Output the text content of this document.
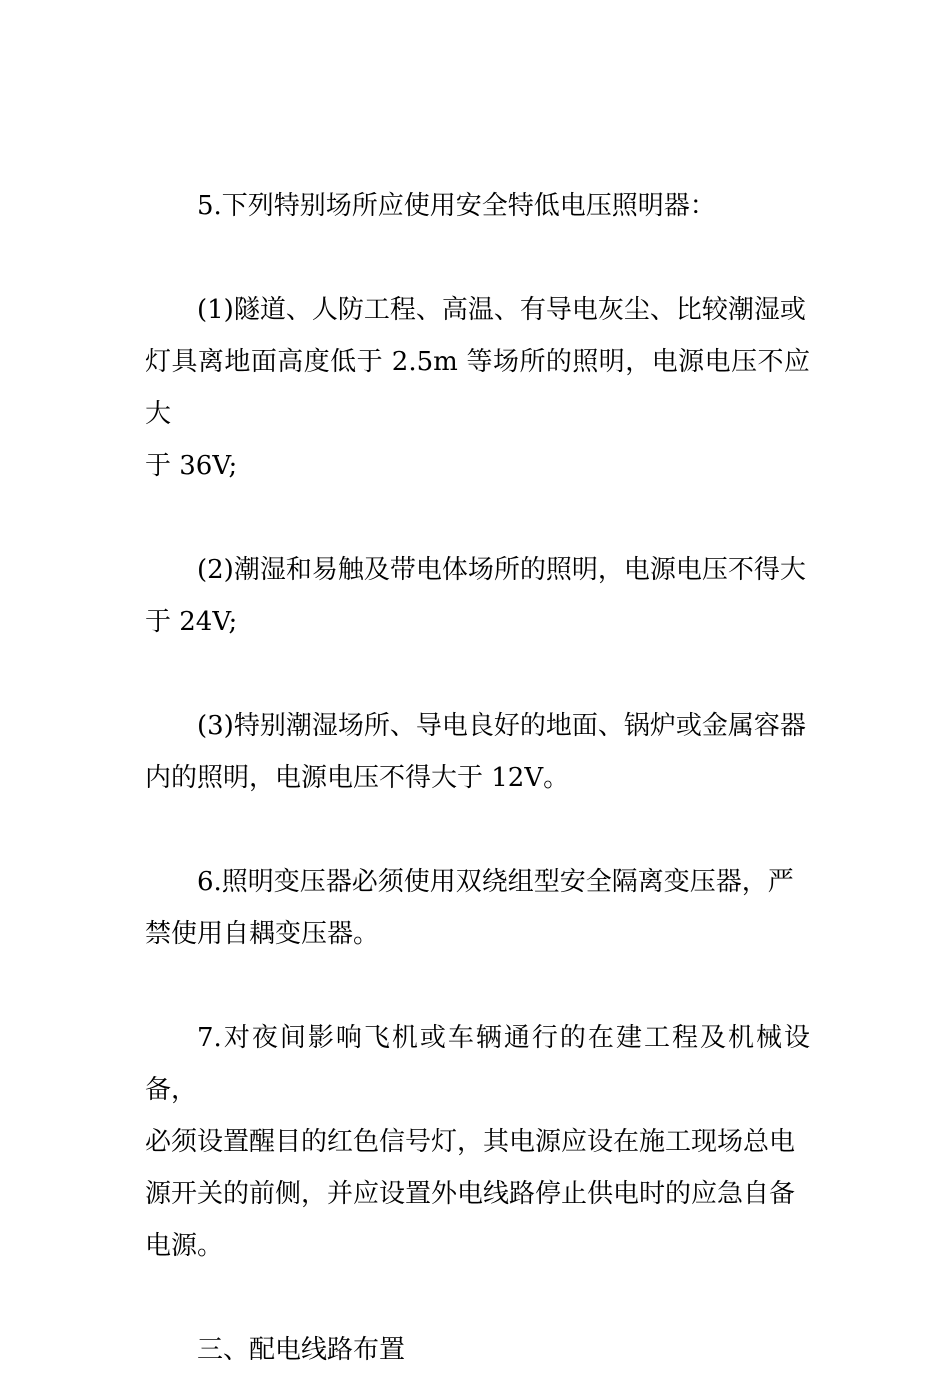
5.下列特别场所应使用安全特低电压照明器：

(1)隧道、人防工程、高温、有导电灰尘、比较潮湿或
灯具离地面高度低于 2.5m 等场所的照明，电源电压不应大
于 36V;

(2)潮湿和易触及带电体场所的照明，电源电压不得大
于 24V;

(3)特别潮湿场所、导电良好的地面、锅炉或金属容器
内的照明，电源电压不得大于 12V。

6.照明变压器必须使用双绕组型安全隔离变压器，严
禁使用自耦变压器。

7.对夜间影响飞机或车辆通行的在建工程及机械设备，
必须设置醒目的红色信号灯，其电源应设在施工现场总电
源开关的前侧，并应设置外电线路停止供电时的应急自备
电源。

三、配电线路布置
